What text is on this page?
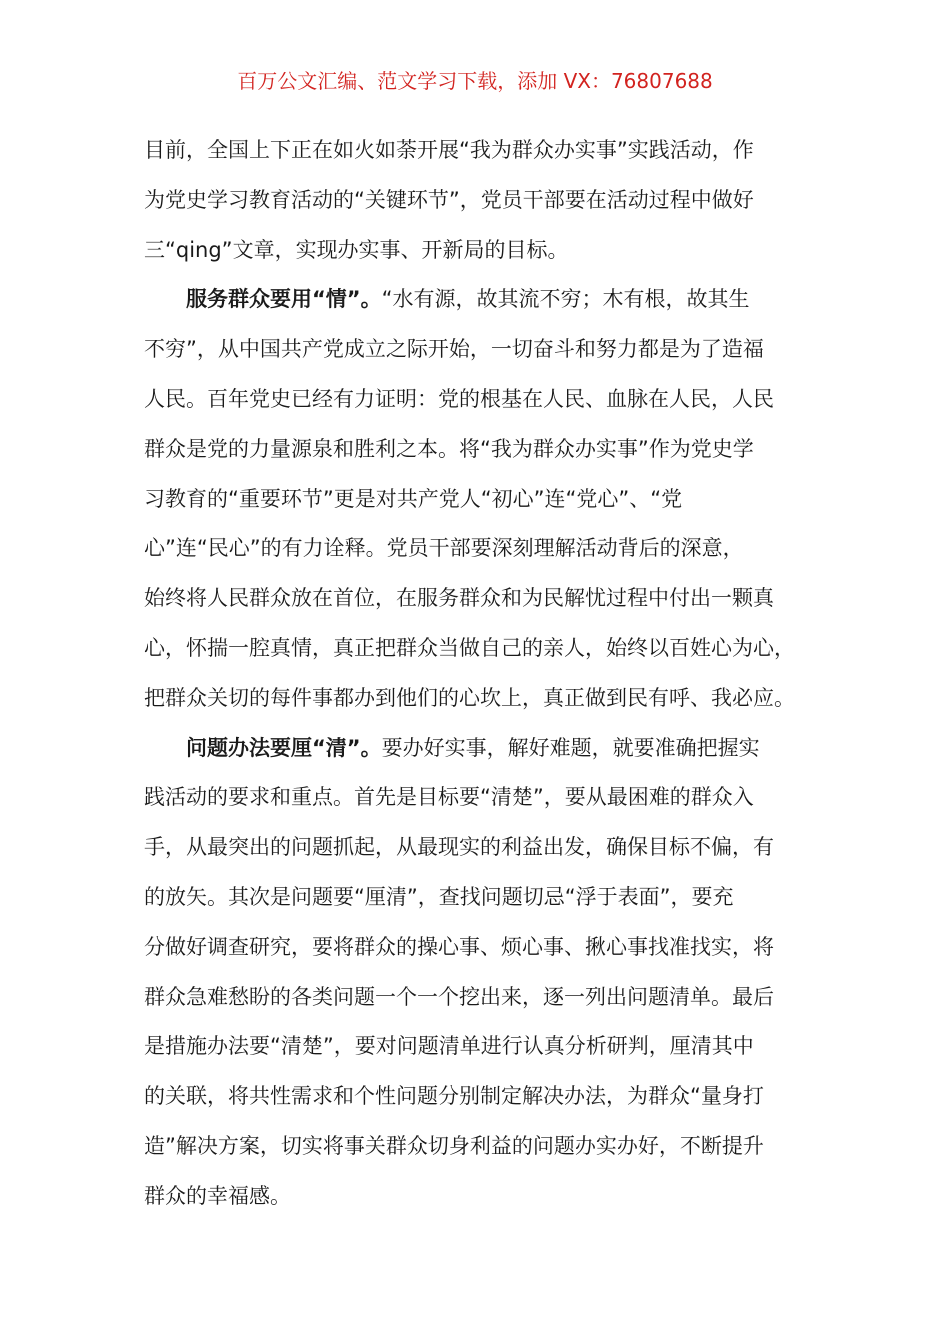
百万公文汇编、范文学习下载，添加 VX：76807688
目前，全国上下正在如火如荼开展“我为群众办实事”实践活动，作
为党史学习教育活动的“关键环节”，党员干部要在活动过程中做好
三“qing”文章，实现办实事、开新局的目标。
服务群众要用“情”。“水有源，故其流不穷；木有根，故其生
不穷”，从中国共产党成立之际开始，一切奋斗和努力都是为了造福
人民。百年党史已经有力证明：党的根基在人民、血脉在人民，人民
群众是党的力量源泉和胜利之本。将“我为群众办实事”作为党史学
习教育的“重要环节”更是对共产党人“初心”连“党心”、“党
心”连“民心”的有力诠释。党员干部要深刻理解活动背后的深意，
始终将人民群众放在首位，在服务群众和为民解忧过程中付出一颗真
心，怀揣一腔真情，真正把群众当做自己的亲人，始终以百姓心为心，
把群众关切的每件事都办到他们的心坎上，真正做到民有呼、我必应。
问题办法要厘“清”。要办好实事，解好难题，就要准确把握实
践活动的要求和重点。首先是目标要“清楚”，要从最困难的群众入
手，从最突出的问题抓起，从最现实的利益出发，确保目标不偏，有
的放矢。其次是问题要“厘清”，查找问题切忌“浮于表面”，要充
分做好调查研究，要将群众的操心事、烦心事、揪心事找准找实，将
群众急难愁盼的各类问题一个一个挖出来，逐一列出问题清单。最后
是措施办法要“清楚”，要对问题清单进行认真分析研判，厘清其中
的关联，将共性需求和个性问题分别制定解决办法，为群众“量身打
造”解决方案，切实将事关群众切身利益的问题办实办好，不断提升
群众的幸福感。
